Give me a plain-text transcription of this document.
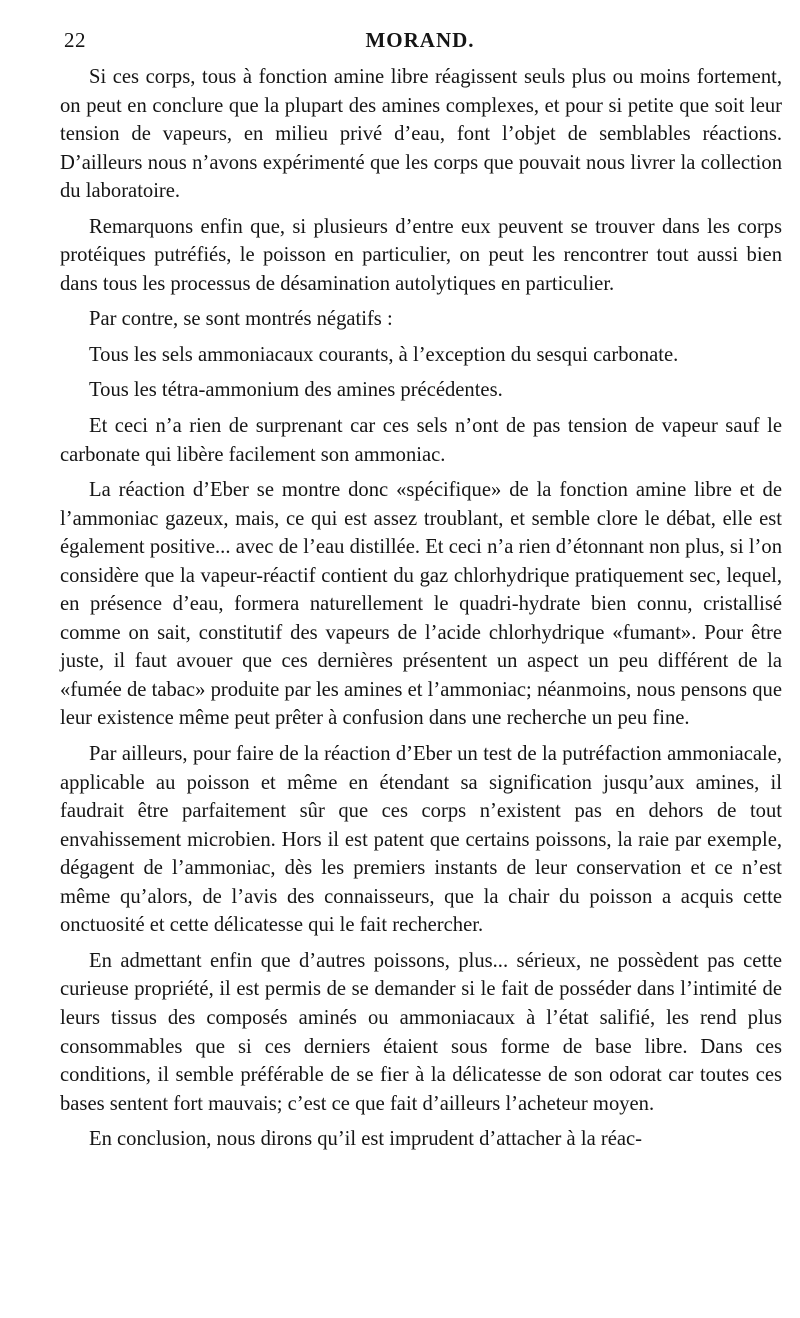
22	MORAND.

Si ces corps, tous à fonction amine libre réagissent seuls plus ou moins fortement, on peut en conclure que la plupart des amines complexes, et pour si petite que soit leur tension de vapeurs, en milieu privé d’eau, font l’objet de semblables réactions. D’ailleurs nous n’avons expérimenté que les corps que pouvait nous livrer la collection du laboratoire.

Remarquons enfin que, si plusieurs d’entre eux peuvent se trouver dans les corps protéiques putréfiés, le poisson en particulier, on peut les rencontrer tout aussi bien dans tous les processus de désamination autolytiques en particulier.

Par contre, se sont montrés négatifs :

Tous les sels ammoniacaux courants, à l’exception du sesqui carbonate.

Tous les tétra-ammonium des amines précédentes.

Et ceci n’a rien de surprenant car ces sels n’ont de pas tension de vapeur sauf le carbonate qui libère facilement son ammoniac.

La réaction d’Eber se montre donc «spécifique» de la fonction amine libre et de l’ammoniac gazeux, mais, ce qui est assez troublant, et semble clore le débat, elle est également positive... avec de l’eau distillée. Et ceci n’a rien d’étonnant non plus, si l’on considère que la vapeur-réactif contient du gaz chlorhydrique pratiquement sec, lequel, en présence d’eau, formera naturellement le quadri-hydrate bien connu, cristallisé comme on sait, constitutif des vapeurs de l’acide chlorhydrique «fumant». Pour être juste, il faut avouer que ces dernières présentent un aspect un peu différent de la «fumée de tabac» produite par les amines et l’ammoniac; néanmoins, nous pensons que leur existence même peut prêter à confusion dans une recherche un peu fine.

Par ailleurs, pour faire de la réaction d’Eber un test de la putréfaction ammoniacale, applicable au poisson et même en étendant sa signification jusqu’aux amines, il faudrait être parfaitement sûr que ces corps n’existent pas en dehors de tout envahissement microbien. Hors il est patent que certains poissons, la raie par exemple, dégagent de l’ammoniac, dès les premiers instants de leur conservation et ce n’est même qu’alors, de l’avis des connaisseurs, que la chair du poisson a acquis cette onctuosité et cette délicatesse qui le fait rechercher.

En admettant enfin que d’autres poissons, plus... sérieux, ne possèdent pas cette curieuse propriété, il est permis de se demander si le fait de posséder dans l’intimité de leurs tissus des composés aminés ou ammoniacaux à l’état salifié, les rend plus consommables que si ces derniers étaient sous forme de base libre. Dans ces conditions, il semble préférable de se fier à la délicatesse de son odorat car toutes ces bases sentent fort mauvais; c’est ce que fait d’ailleurs l’acheteur moyen.

En conclusion, nous dirons qu’il est imprudent d’attacher à la réac-
